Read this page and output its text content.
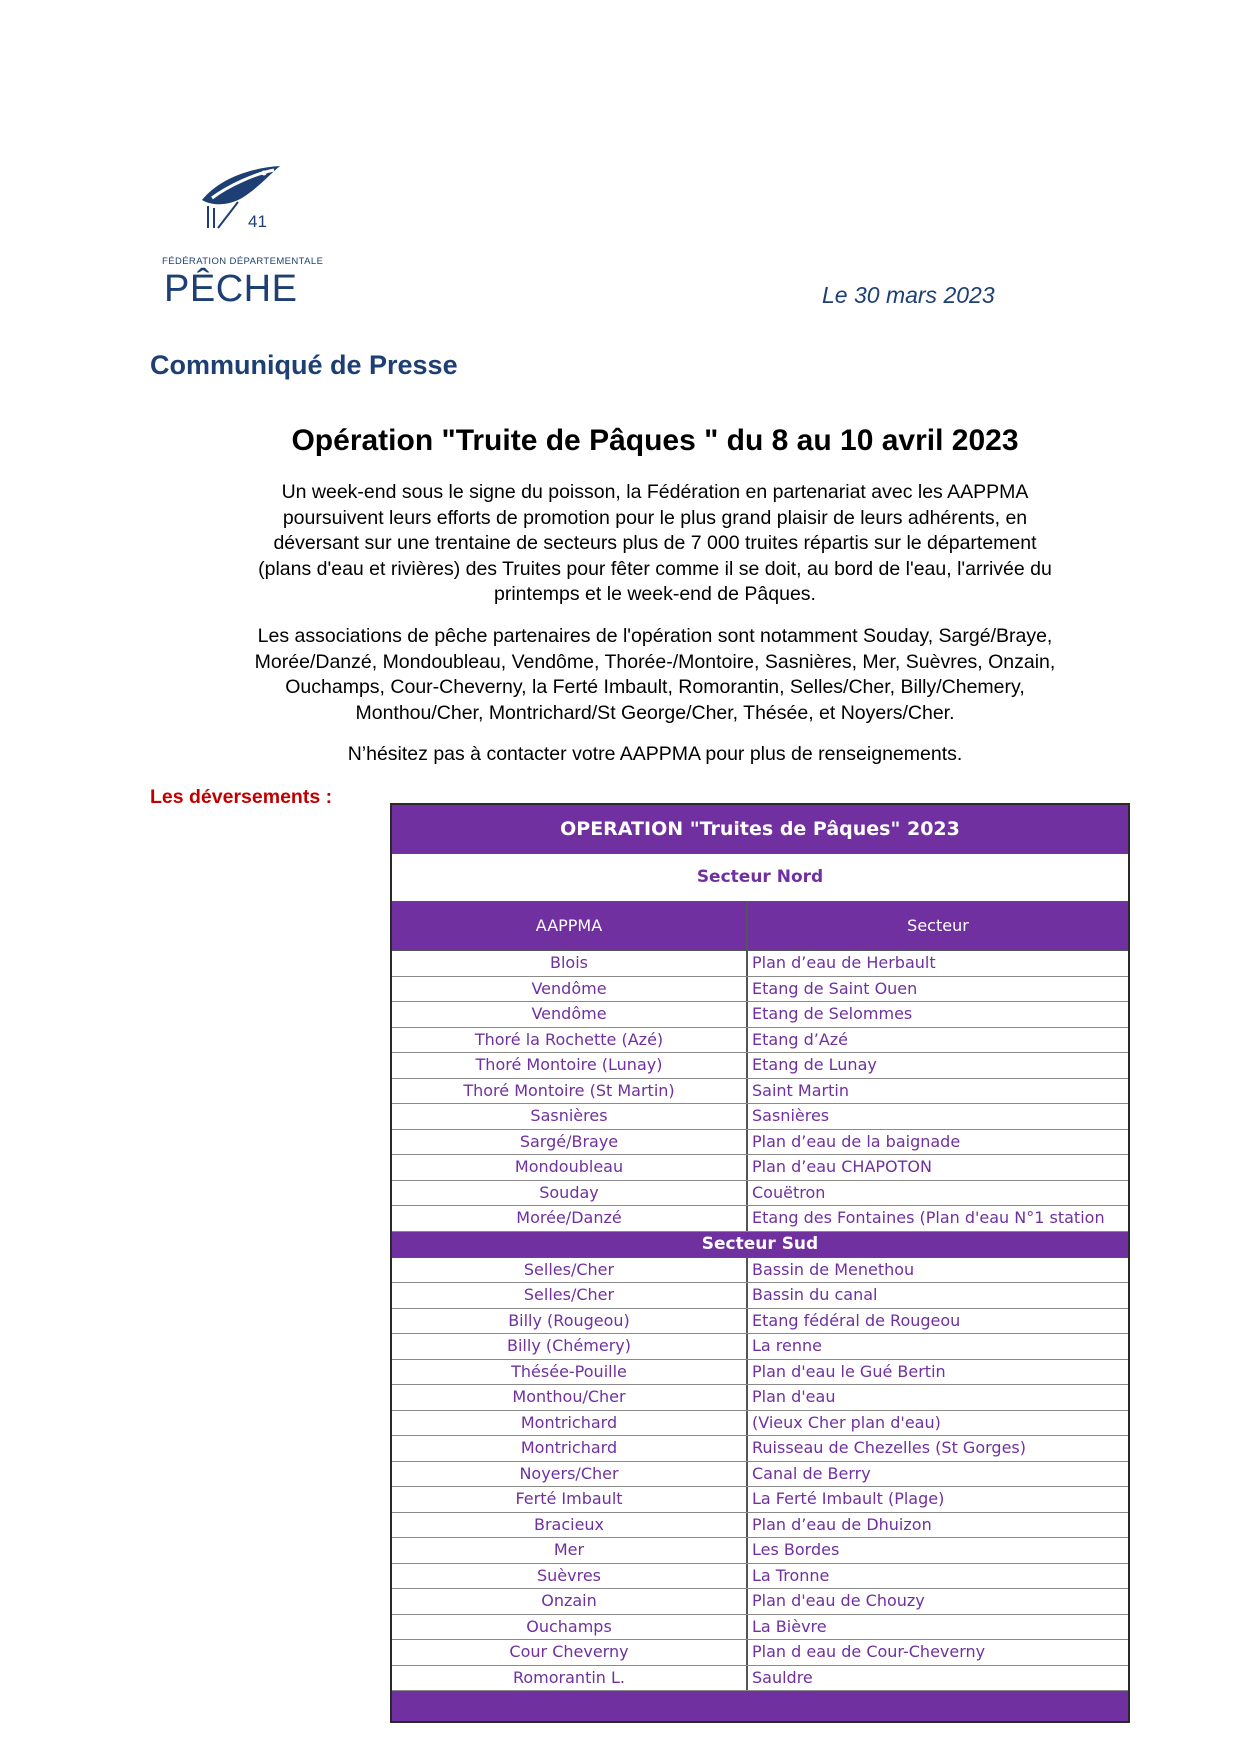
41
FÉDÉRATION DÉPARTEMENTALE
PÊCHE	Le 30 mars 2023
Communiqué de Presse
Opération "Truite de Pâques " du 8 au 10 avril 2023
Un week-end sous le signe du poisson, la Fédération en partenariat avec les AAPPMA
poursuivent leurs efforts de promotion pour le plus grand plaisir de leurs adhérents, en
déversant sur une trentaine de secteurs plus de 7 000 truites répartis sur le département
(plans d'eau et rivières) des Truites pour fêter comme il se doit, au bord de l'eau, l'arrivée du
printemps et le week-end de Pâques.
Les associations de pêche partenaires de l'opération sont notamment Souday, Sargé/Braye,
Morée/Danzé, Mondoubleau, Vendôme, Thorée-/Montoire, Sasnières, Mer, Suèvres, Onzain,
Ouchamps, Cour-Cheverny, la Ferté Imbault, Romorantin, Selles/Cher, Billy/Chemery,
Monthou/Cher, Montrichard/St George/Cher, Thésée, et Noyers/Cher.
N’hésitez pas à contacter votre AAPPMA pour plus de renseignements.
Les déversements :
OPERATION "Truites de Pâques" 2023
Secteur Nord
AAPPMA	Secteur
Blois	Plan d’eau de Herbault
Vendôme	Etang de Saint Ouen
Vendôme	Etang de Selommes
Thoré la Rochette (Azé)	Etang d’Azé
Thoré Montoire (Lunay)	Etang de Lunay
Thoré Montoire (St Martin)	Saint Martin
Sasnières	Sasnières
Sargé/Braye	Plan d’eau de la baignade
Mondoubleau	Plan d’eau CHAPOTON
Souday	Couëtron
Morée/Danzé	Etang des Fontaines (Plan d'eau N°1 station
Secteur Sud
Selles/Cher	Bassin de Menethou
Selles/Cher	Bassin du canal
Billy (Rougeou)	Etang fédéral de Rougeou
Billy (Chémery)	La renne
Thésée-Pouille	Plan d'eau le Gué Bertin
Monthou/Cher	Plan d'eau
Montrichard	(Vieux Cher plan d'eau)
Montrichard	Ruisseau de Chezelles (St Gorges)
Noyers/Cher	Canal de Berry
Ferté Imbault	La Ferté Imbault (Plage)
Bracieux	Plan d’eau de Dhuizon
Mer	Les Bordes
Suèvres	La Tronne
Onzain	Plan d'eau de Chouzy
Ouchamps	La Bièvre
Cour Cheverny	Plan d eau de Cour-Cheverny
Romorantin L.	Sauldre
